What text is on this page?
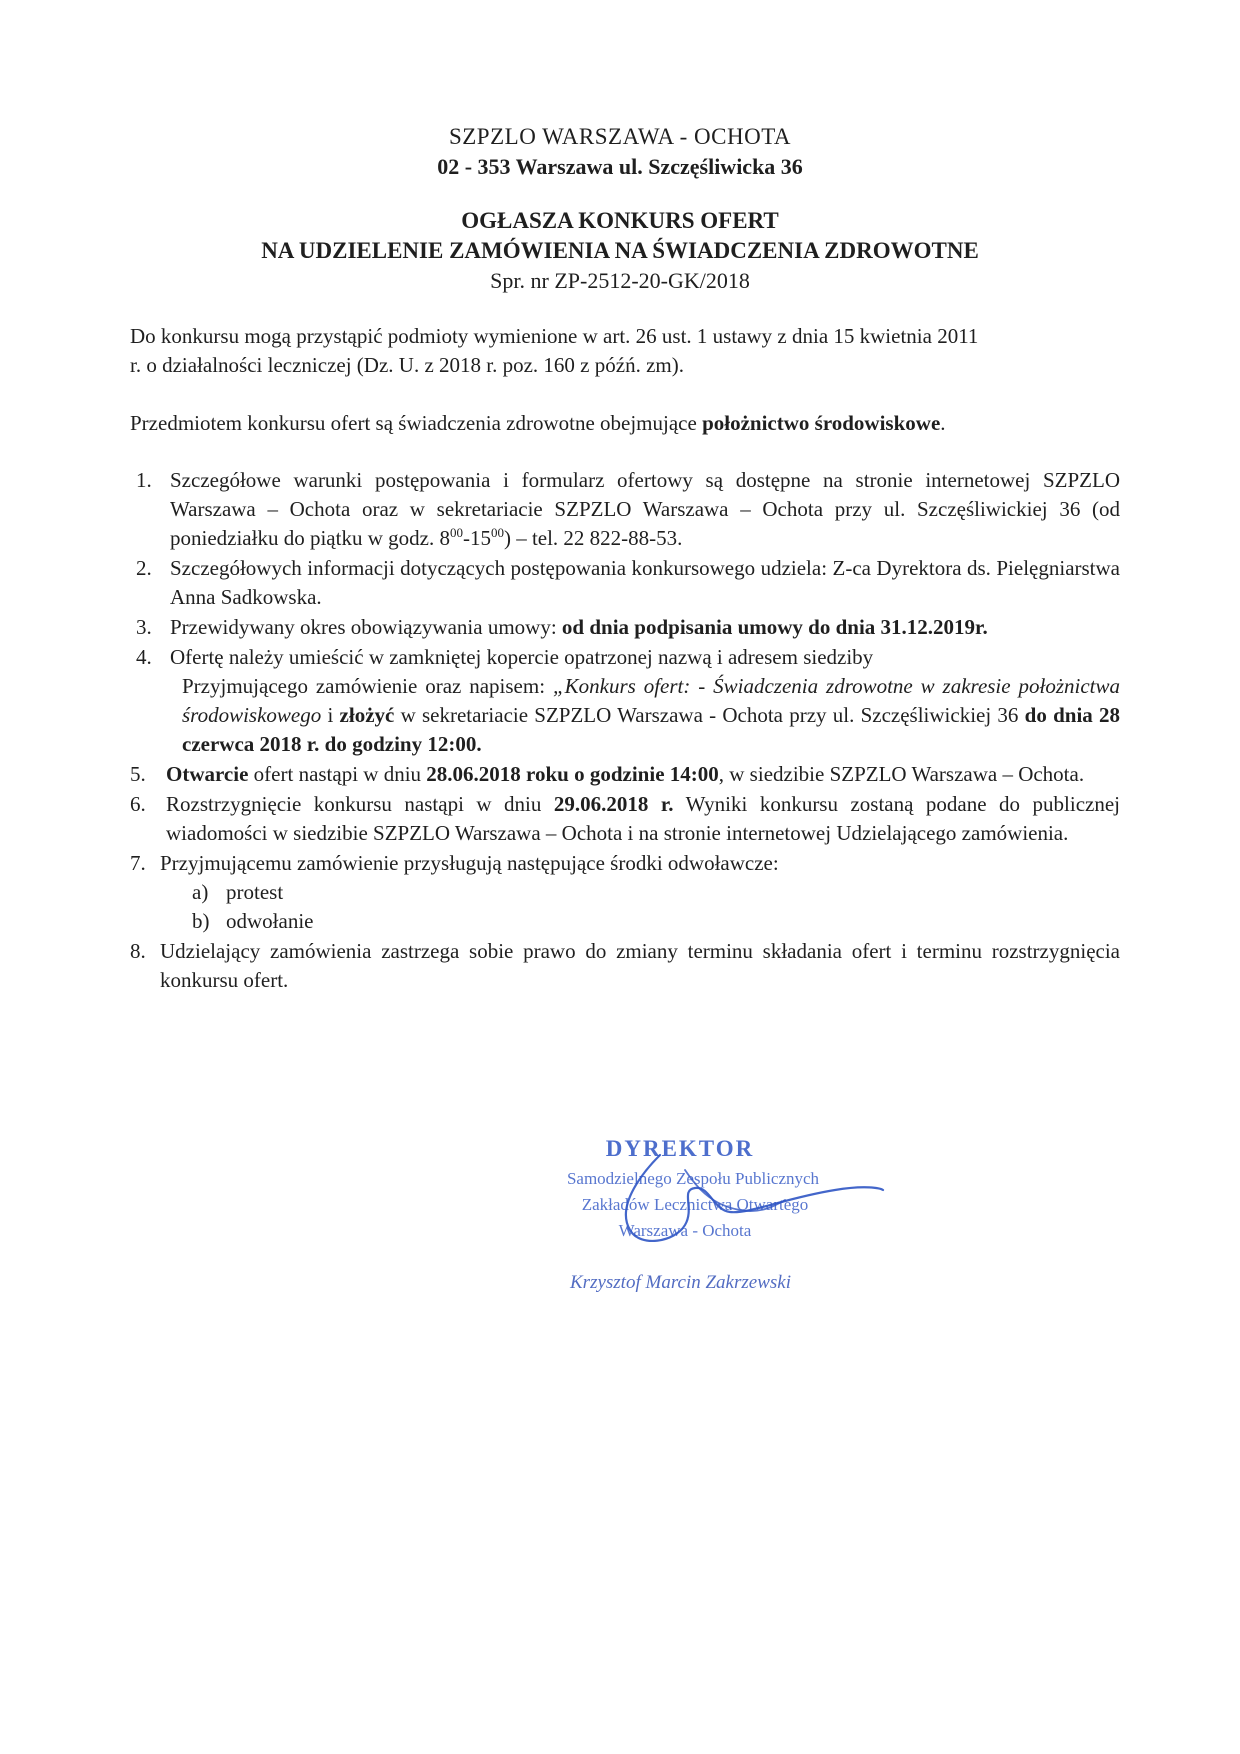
SZPZLO WARSZAWA - OCHOTA
02 - 353 Warszawa ul. Szczęśliwicka 36
OGŁASZA KONKURS OFERT
NA UDZIELENIE ZAMÓWIENIA NA ŚWIADCZENIA ZDROWOTNE
Spr. nr ZP-2512-20-GK/2018
Do konkursu mogą przystąpić podmioty wymienione w art. 26 ust. 1 ustawy z dnia 15 kwietnia 2011
r. o działalności leczniczej (Dz. U. z 2018 r. poz. 160 z późń. zm).
Przedmiotem konkursu ofert są świadczenia zdrowotne obejmujące położnictwo środowiskowe.
1. Szczegółowe warunki postępowania i formularz ofertowy są dostępne na stronie internetowej SZPZLO Warszawa – Ochota oraz w sekretariacie SZPZLO Warszawa – Ochota przy ul. Szczęśliwickiej 36 (od poniedziałku do piątku w godz. $8^{00}-15^{00}$) – tel. 22 822-88-53.
2. Szczegółowych informacji dotyczących postępowania konkursowego udziela: Z-ca Dyrektora ds. Pielęgniarstwa Anna Sadkowska.
3. Przewidywany okres obowiązywania umowy: od dnia podpisania umowy do dnia 31.12.2019r.
4. Ofertę należy umieścić w zamkniętej kopercie opatrzonej nazwą i adresem siedziby
Przyjmującego zamówienie oraz napisem: „Konkurs ofert: - Świadczenia zdrowotne w zakresie położnictwa środowiskowego i złożyć w sekretariacie SZPZLO Warszawa - Ochota przy ul. Szczęśliwickiej 36 do dnia 28 czerwca 2018 r. do godziny 12:00.
5. Otwarcie ofert nastąpi w dniu 28.06.2018 roku o godzinie 14:00, w siedzibie SZPZLO Warszawa – Ochota.
6. Rozstrzygnięcie konkursu nastąpi w dniu 29.06.2018 r. Wyniki konkursu zostaną podane do publicznej wiadomości w siedzibie SZPZLO Warszawa – Ochota i na stronie internetowej Udzielającego zamówienia.
7. Przyjmującemu zamówienie przysługują następujące środki odwoławcze:
a) protest
b) odwołanie
8. Udzielający zamówienia zastrzega sobie prawo do zmiany terminu składania ofert i terminu rozstrzygnięcia konkursu ofert.
DYREKTOR
Samodzielnego Zespołu Publicznych
Zakładów Lecznictwa Otwartego
Warszawa - Ochota
Krzysztof Marcin Zakrzewski
